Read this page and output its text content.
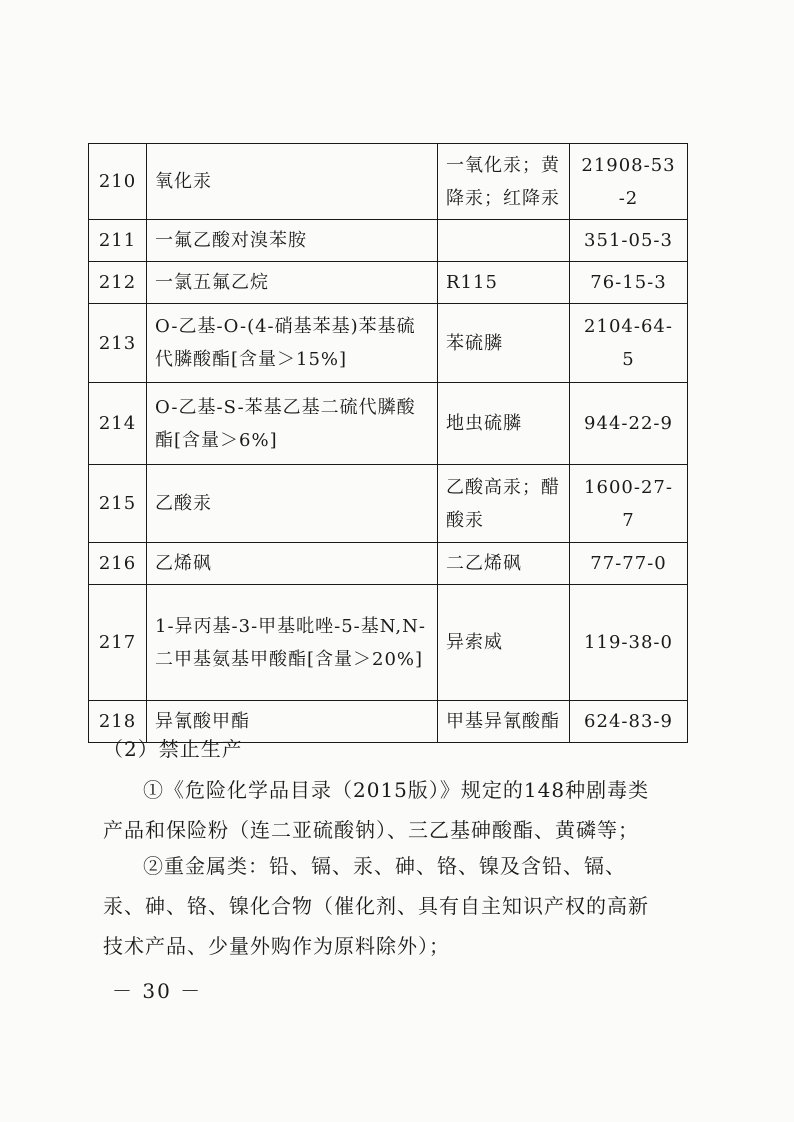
210	氧化汞	一氧化汞；黄降汞；红降汞	21908-53-2
211	一氟乙酸对溴苯胺		351-05-3
212	一氯五氟乙烷	R115	76-15-3
213	O-乙基-O-(4-硝基苯基)苯基硫代膦酸酯[含量＞15%]	苯硫膦	2104-64-5
214	O-乙基-S-苯基乙基二硫代膦酸酯[含量＞6%]	地虫硫膦	944-22-9
215	乙酸汞	乙酸高汞；醋酸汞	1600-27-7
216	乙烯砜	二乙烯砜	77-77-0
217	1-异丙基-3-甲基吡唑-5-基N,N-二甲基氨基甲酸酯[含量＞20%]	异索威	119-38-0
218	异氰酸甲酯	甲基异氰酸酯	624-83-9
（2）禁止生产
①《危险化学品目录（2015版）》规定的148种剧毒类产品和保险粉（连二亚硫酸钠）、三乙基砷酸酯、黄磷等；
②重金属类：铅、镉、汞、砷、铬、镍及含铅、镉、汞、砷、铬、镍化合物（催化剂、具有自主知识产权的高新技术产品、少量外购作为原料除外）；
－ 30 －
